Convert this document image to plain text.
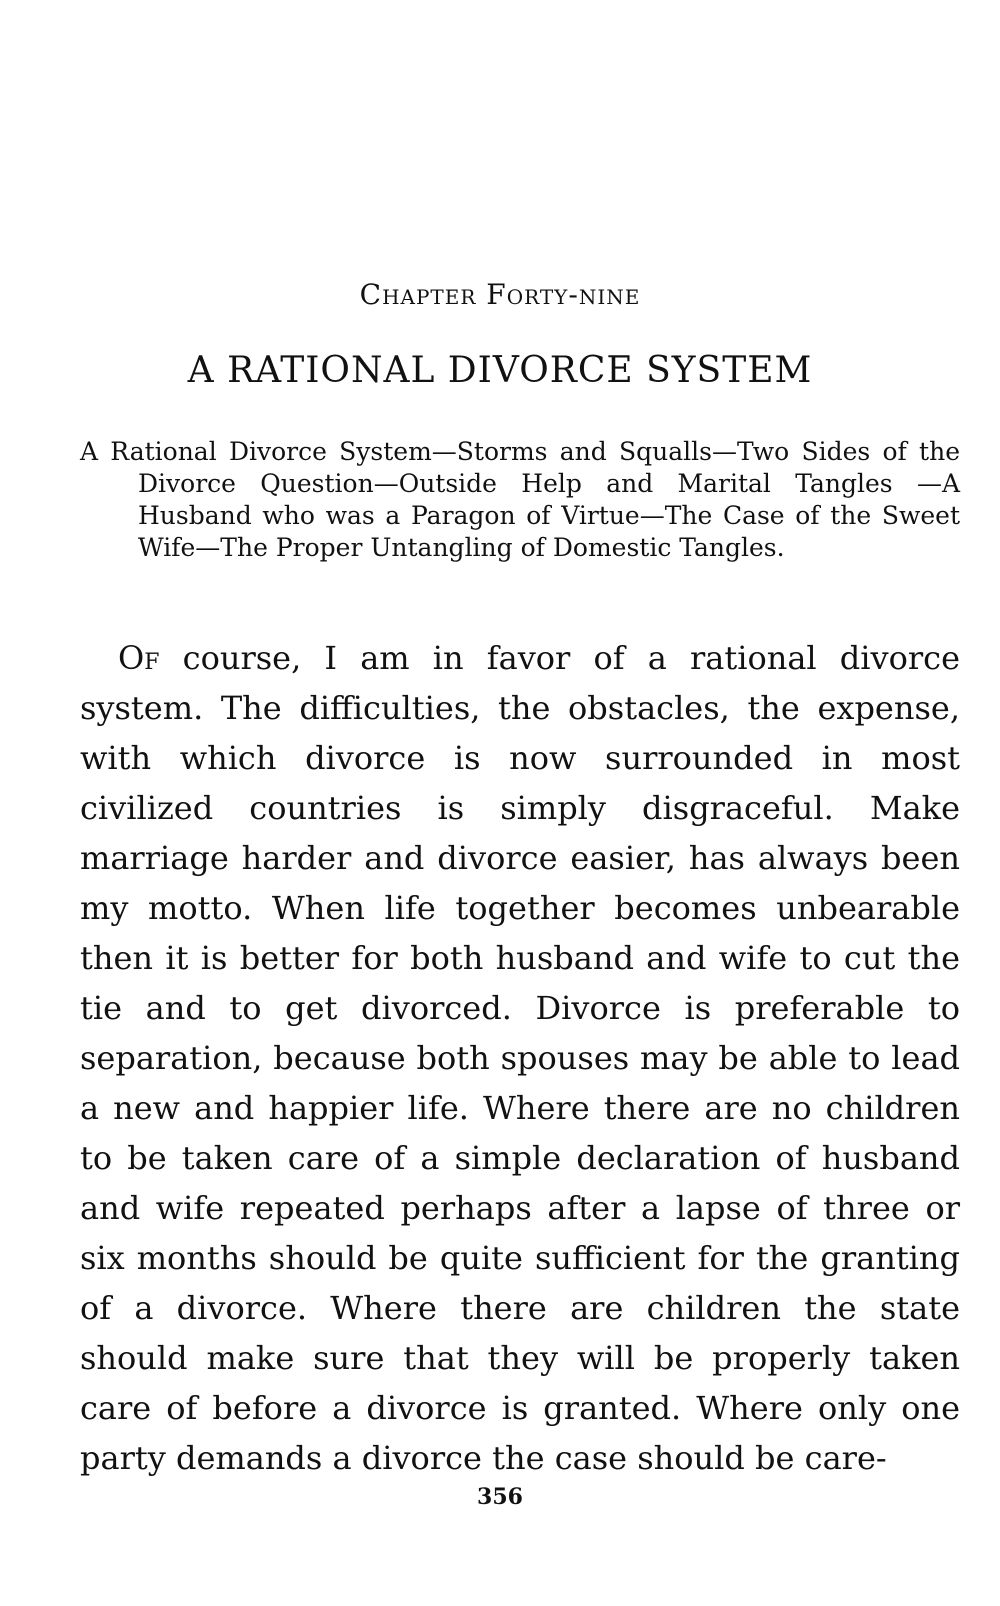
Chapter Forty-nine
A RATIONAL DIVORCE SYSTEM
A Rational Divorce System—Storms and Squalls—Two Sides of the Divorce Question—Outside Help and Marital Tangles —A Husband who was a Paragon of Virtue—The Case of the Sweet Wife—The Proper Untangling of Domestic Tangles.
Of course, I am in favor of a rational divorce system. The difficulties, the obstacles, the expense, with which divorce is now surrounded in most civilized countries is simply disgraceful. Make marriage harder and divorce easier, has always been my motto. When life together becomes unbearable then it is better for both husband and wife to cut the tie and to get divorced. Divorce is preferable to separation, because both spouses may be able to lead a new and happier life. Where there are no children to be taken care of a simple declaration of husband and wife repeated perhaps after a lapse of three or six months should be quite sufficient for the granting of a divorce. Where there are children the state should make sure that they will be properly taken care of before a divorce is granted. Where only one party demands a divorce the case should be care-
356
